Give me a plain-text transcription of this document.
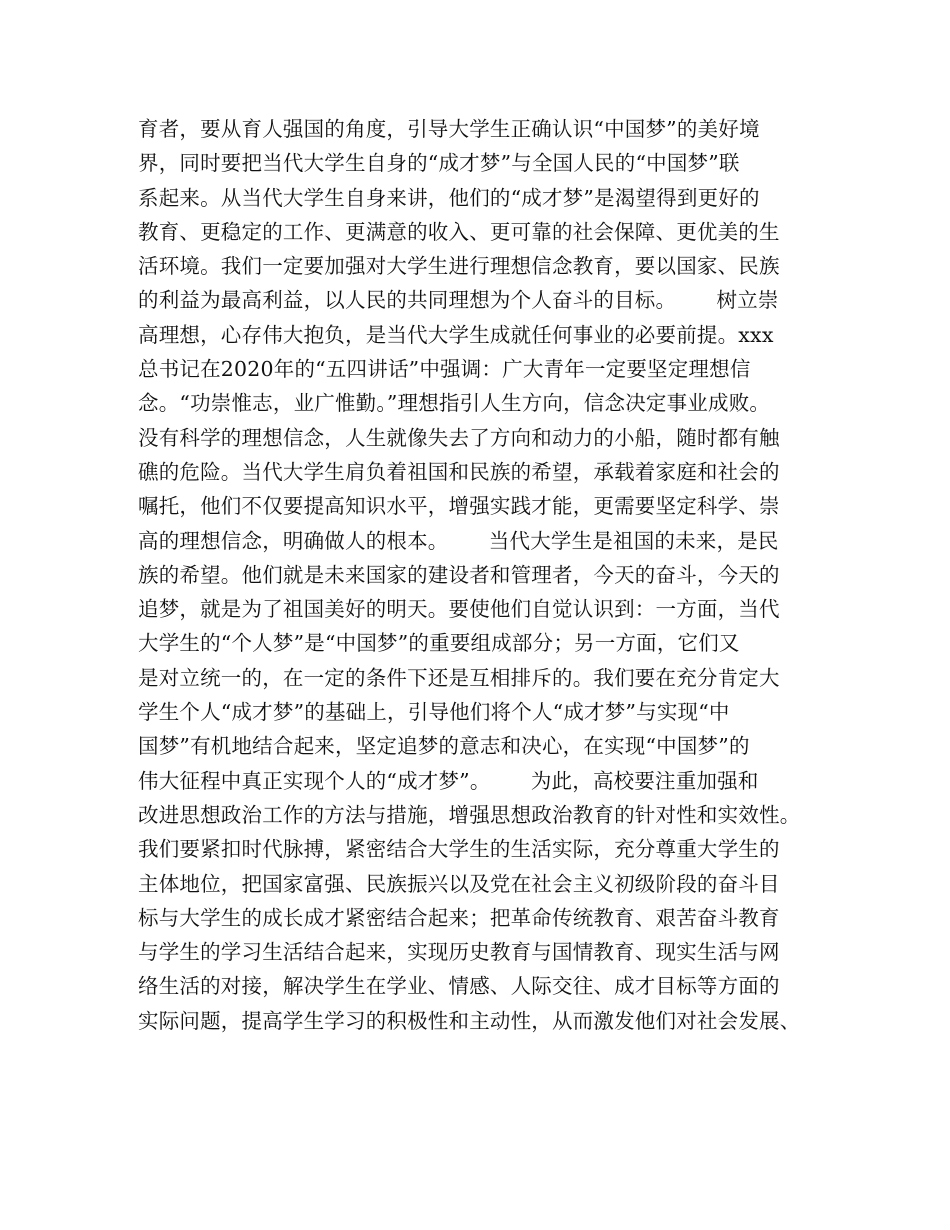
育者，要从育人强国的角度，引导大学生正确认识“中国梦”的美好境
界，同时要把当代大学生自身的“成才梦”与全国人民的“中国梦”联
系起来。从当代大学生自身来讲，他们的“成才梦”是渴望得到更好的
教育、更稳定的工作、更满意的收入、更可靠的社会保障、更优美的生
活环境。我们一定要加强对大学生进行理想信念教育，要以国家、民族
的利益为最高利益，以人民的共同理想为个人奋斗的目标。      树立崇
高理想，心存伟大抱负，是当代大学生成就任何事业的必要前提。xxx
总书记在2020年的“五四讲话”中强调：广大青年一定要坚定理想信
念。“功崇惟志，业广惟勤。”理想指引人生方向，信念决定事业成败。
没有科学的理想信念，人生就像失去了方向和动力的小船，随时都有触
礁的危险。当代大学生肩负着祖国和民族的希望，承载着家庭和社会的
嘱托，他们不仅要提高知识水平，增强实践才能，更需要坚定科学、崇
高的理想信念，明确做人的根本。      当代大学生是祖国的未来，是民
族的希望。他们就是未来国家的建设者和管理者，今天的奋斗，今天的
追梦，就是为了祖国美好的明天。要使他们自觉认识到：一方面，当代
大学生的“个人梦”是“中国梦”的重要组成部分；另一方面，它们又
是对立统一的，在一定的条件下还是互相排斥的。我们要在充分肯定大
学生个人“成才梦”的基础上，引导他们将个人“成才梦”与实现“中
国梦”有机地结合起来，坚定追梦的意志和决心，在实现“中国梦”的
伟大征程中真正实现个人的“成才梦”。      为此，高校要注重加强和
改进思想政治工作的方法与措施，增强思想政治教育的针对性和实效性。
我们要紧扣时代脉搏，紧密结合大学生的生活实际，充分尊重大学生的
主体地位，把国家富强、民族振兴以及党在社会主义初级阶段的奋斗目
标与大学生的成长成才紧密结合起来；把革命传统教育、艰苦奋斗教育
与学生的学习生活结合起来，实现历史教育与国情教育、现实生活与网
络生活的对接，解决学生在学业、情感、人际交往、成才目标等方面的
实际问题，提高学生学习的积极性和主动性，从而激发他们对社会发展、
